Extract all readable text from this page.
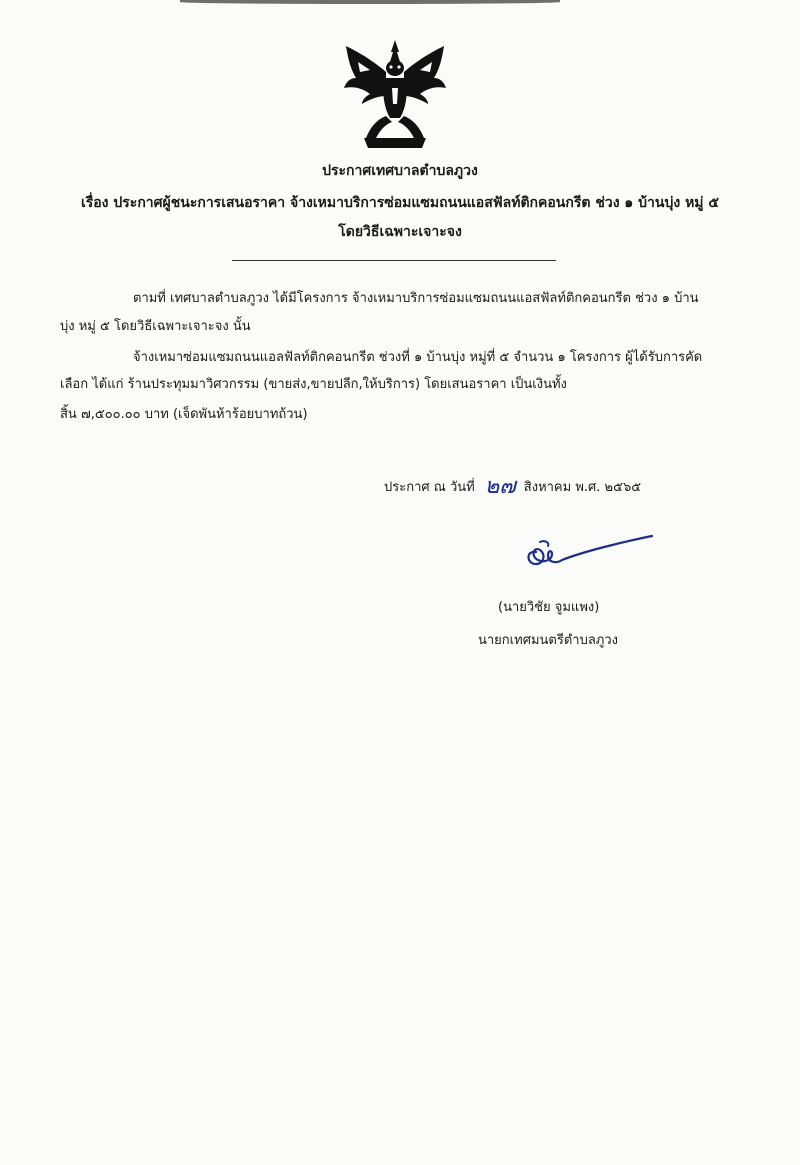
ประกาศเทศบาลตำบลภูวง
เรื่อง ประกาศผู้ชนะการเสนอราคา จ้างเหมาบริการซ่อมแซมถนนแอสฟัลท์ติกคอนกรีต ช่วง ๑ บ้านบุ่ง หมู่ ๕
โดยวิธีเฉพาะเจาะจง
ตามที่ เทศบาลตำบลภูวง ได้มีโครงการ จ้างเหมาบริการซ่อมแซมถนนแอสฟัลท์ติกคอนกรีต ช่วง ๑ บ้าน
บุ่ง หมู่ ๕ โดยวิธีเฉพาะเจาะจง นั้น
จ้างเหมาซ่อมแซมถนนแอลฟัลท์ติกคอนกรีต ช่วงที่ ๑ บ้านบุ่ง หมู่ที่ ๕ จำนวน ๑ โครงการ ผู้ได้รับการคัด
เลือก ได้แก่ ร้านประทุมมาวิศวกรรม (ขายส่ง,ขายปลีก,ให้บริการ) โดยเสนอราคา เป็นเงินทั้ง
สิ้น ๗,๕๐๐.๐๐ บาท (เจ็ดพันห้าร้อยบาทถ้วน)
ประกาศ ณ วันที่ ๒๗ สิงหาคม พ.ศ. ๒๕๖๕
(นายวิชัย จูมแพง)
นายกเทศมนตรีตำบลภูวง
